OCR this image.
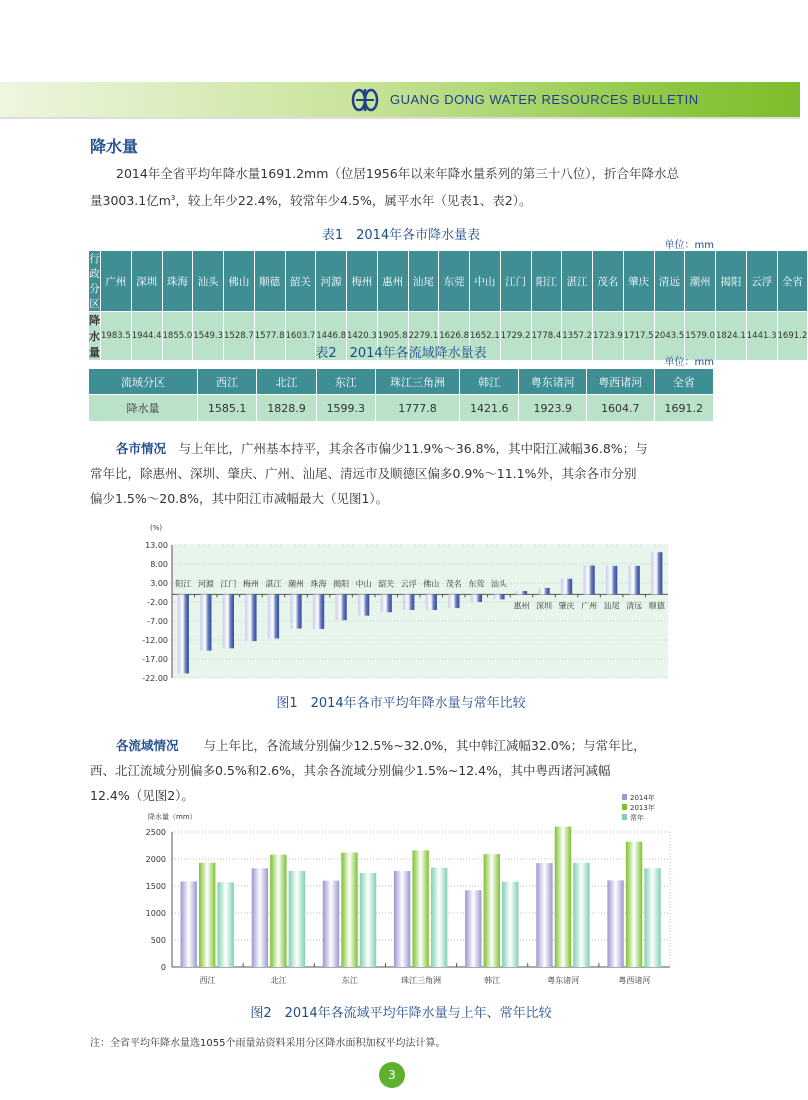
GUANG DONG WATER RESOURCES BULLETIN
降水量
2014年全省平均年降水量1691.2mm（位居1956年以来年降水量系列的第三十八位），折合年降水总
量3003.1亿$m^3$，较上年少22.4%，较常年少4.5%，属平水年（见表1、表2）。
表1　2014年各市降水量表
单位：mm
行政分区	广州	深圳	珠海	汕头	佛山	顺德	韶关	河源	梅州	惠州	汕尾	东莞	中山	江门	阳江	湛江	茂名	肇庆	清远	潮州	揭阳	云浮	全省
降水量	1983.5	1944.4	1855.0	1549.3	1528.7	1577.8	1603.7	1446.8	1420.3	1905.8	2279.1	1626.8	1652.1	1729.2	1778.4	1357.2	1723.9	1717.5	2043.5	1579.0	1824.1	1441.3	1691.2
表2　2014年各流域降水量表
单位：mm
流域分区	西江	北江	东江	珠江三角洲	韩江	粤东诸河	粤西诸河	全省
降水量	1585.1	1828.9	1599.3	1777.8	1421.6	1923.9	1604.7	1691.2
各市情况　 与上年比，广州基本持平，其余各市偏少11.9%～36.8%，其中阳江减幅36.8%；与
常年比，除惠州、深圳、肇庆、广州、汕尾、清远市及顺德区偏多0.9%～11.1%外，其余各市分别
偏少1.5%～20.8%，其中阳江市减幅最大（见图1）。
(%)
13.00
8.00
3.00
-2.00
-7.00
-12.00
-17.00
-22.00
阳江 河源 江门 梅州 湛江 潮州 珠海 揭阳 中山 韶关 云浮 佛山 茂名 东莞 汕头
惠州 深圳 肇庆 广州 汕尾 清远 顺德
图1　2014年各市平均年降水量与常年比较
各流域情况　　 与上年比，各流域分别偏少12.5%~32.0%，其中韩江减幅32.0%；与常年比，
西、北江流域分别偏多0.5%和2.6%，其余各流域分别偏少1.5%~12.4%，其中粤西诸河减幅
12.4%（见图2）。
降水量（mm）
0
500
1000
1500
2000
2500
2014年
2013年
常年
西江	北江	东江	珠江三角洲	韩江	粤东诸河	粤西诸河
图2　2014年各流域平均年降水量与上年、常年比较
注：全省平均年降水量选1055个雨量站资料采用分区降水面积加权平均法计算。
3
